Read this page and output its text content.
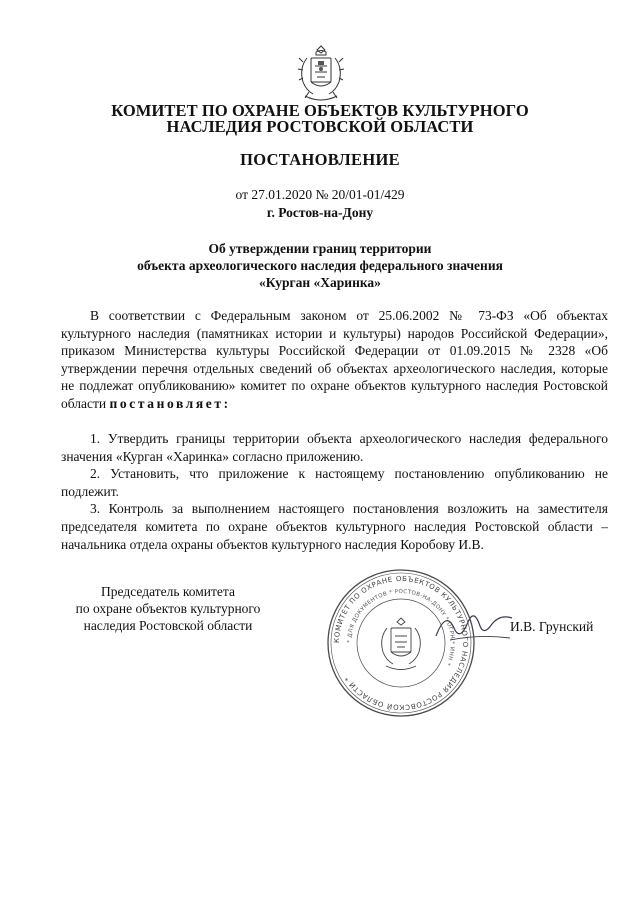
КОМИТЕТ ПО ОХРАНЕ ОБЪЕКТОВ КУЛЬТУРНОГО
НАСЛЕДИЯ РОСТОВСКОЙ ОБЛАСТИ
ПОСТАНОВЛЕНИЕ
от 27.01.2020 № 20/01-01/429
г. Ростов-на-Дону
Об утверждении границ территории
объекта археологического наследия федерального значения
«Курган «Харинка»
В соответствии с Федеральным законом от 25.06.2002 № 73-ФЗ «Об объектах культурного наследия (памятниках истории и культуры) народов Российской Федерации», приказом Министерства культуры Российской Федерации от 01.09.2015 № 2328 «Об утверждении перечня отдельных сведений об объектах археологического наследия, которые не подлежат опубликованию» комитет по охране объектов культурного наследия Ростовской области постановляет:

1. Утвердить границы территории объекта археологического наследия федерального значения «Курган «Харинка» согласно приложению.

2. Установить, что приложение к настоящему постановлению опубликованию не подлежит.

3. Контроль за выполнением настоящего постановления возложить на заместителя председателя комитета по охране объектов культурного наследия Ростовской области – начальника отдела охраны объектов культурного наследия Коробову И.В.

Председатель комитета
по охране объектов культурного
наследия Ростовской области
КОМИТЕТ ПО ОХРАНЕ ОБЪЕКТОВ КУЛЬТУРНОГО НАСЛЕДИЯ РОСТОВСКОЙ ОБЛАСТИ *
* ДЛЯ ДОКУМЕНТОВ * РОСТОВ-НА-ДОНУ * ОГРН * ИНН *
И.В. Грунский
